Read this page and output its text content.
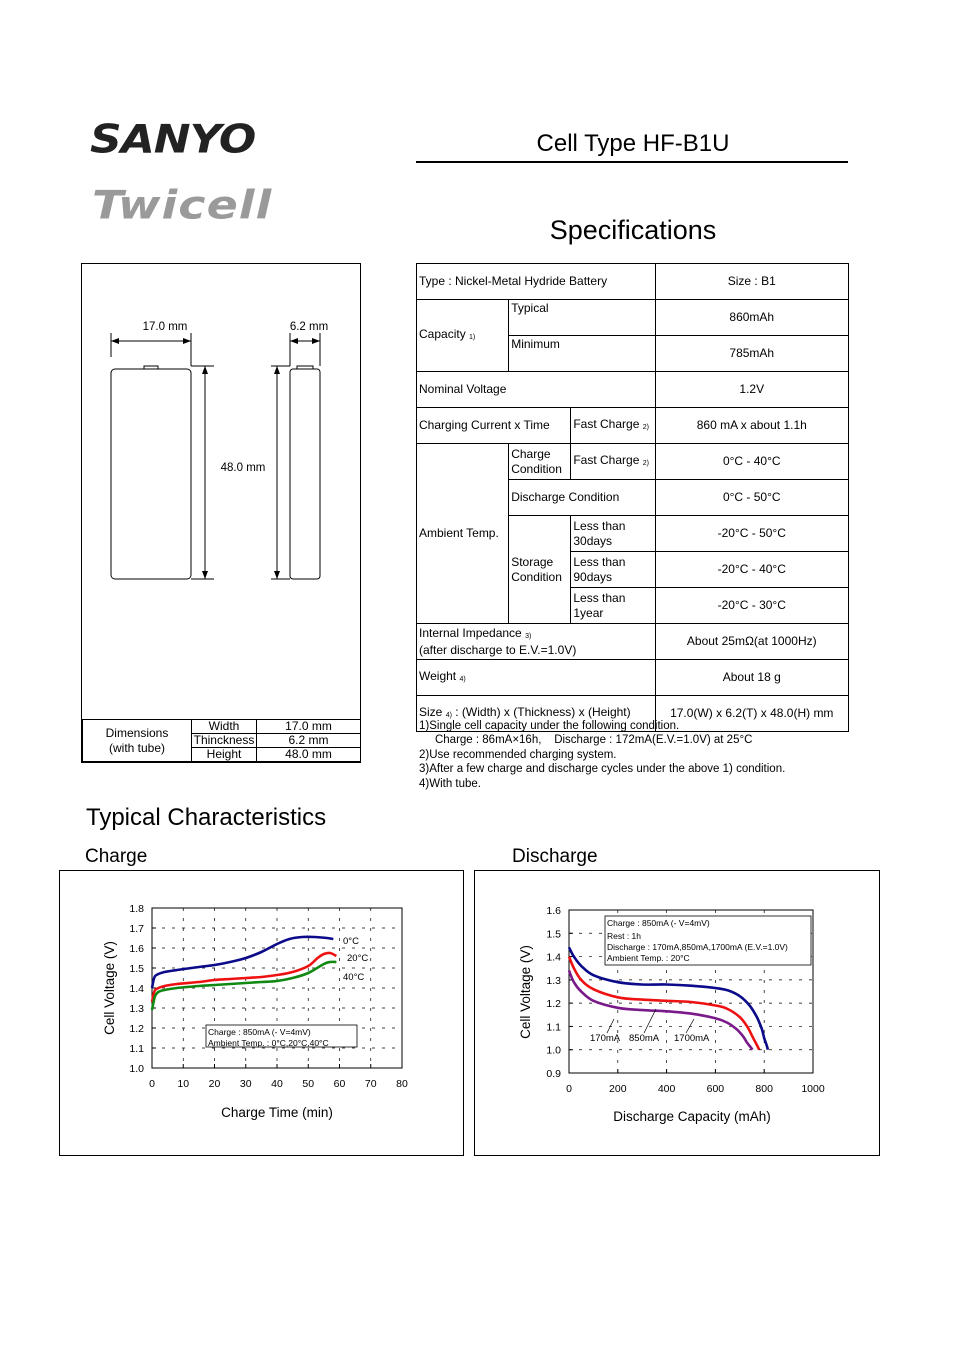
SANYO
Twicell
Cell Type HF-B1U
Specifications
17.0 mm	6.2 mm
48.0 mm
Dimensions
(with tube)	Width	17.0 mm
	Thinckness	6.2 mm
	Height	48.0 mm
Type : Nickel-Metal Hydride Battery			Size : B1
Capacity $^{1)}$	Typical		860mAh
	Minimum		785mAh
Nominal Voltage			1.2V
Charging Current x Time		Fast Charge $^{2)}$	860 mA x about 1.1h
Ambient Temp.	Charge Condition	Fast Charge $^{2)}$	0°C - 40°C
	Discharge Condition		0°C - 50°C
	Storage Condition	Less than 30days	-20°C - 50°C
		Less than 90days	-20°C - 40°C
		Less than 1year	-20°C - 30°C
Internal Impedance $^{3)}$
(after discharge to E.V.=1.0V)			About 25mΩ(at 1000Hz)
Weight $^{4)}$			About 18 g
Size $^{4)}$ : (Width) x (Thickness) x (Height)			17.0(W) x 6.2(T) x 48.0(H) mm
1)Single cell capacity under the following condition.
Charge : 86mA×16h,    Discharge : 172mA(E.V.=1.0V) at 25°C
2)Use recommended charging system.
3)After a few charge and discharge cycles under the above 1) condition.
4)With tube.
Typical Characteristics
Charge	Discharge
0 10 20 30 40 50 60 70 80
1.0
1.1
1.2
1.3
1.4
1.5
1.6
1.7
1.8
Charge Time (min)
Cell Voltage (V)	Charge : 850mA (- V=4mV)
Ambient Temp. : 0°C,20°C,40°C
0°C
20°C
40°C
0	200	400	600	800	1000
0.9
1.0
1.1
1.2
1.3
1.4
1.5
1.6
Discharge Capacity (mAh)
Cell Voltage (V)
Charge : 850mA (- V=4mV)
Rest : 1h
Discharge : 170mA,850mA,1700mA (E.V.=1.0V)
Ambient Temp. : 20°C
170mA 850mA 1700mA
